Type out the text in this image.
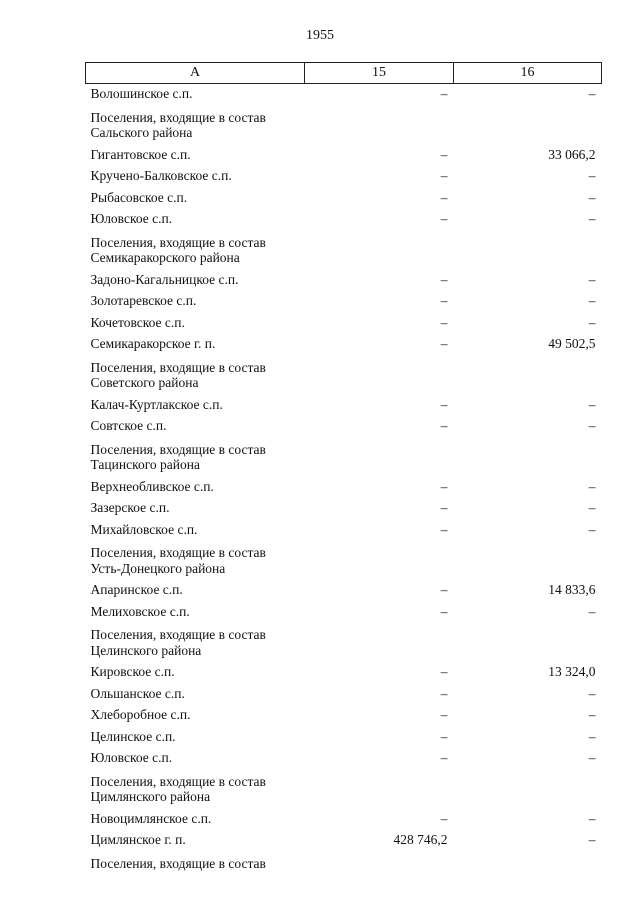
1955
А	15	16
Волошинское с.п.	–	–
Поселения, входящие в состав Сальского района		
Гигантовское с.п.	–	33 066,2
Кручено-Балковское с.п.	–	–
Рыбасовское с.п.	–	–
Юловское с.п.	–	–
Поселения, входящие в состав Семикаракорского района		
Задоно-Кагальницкое с.п.	–	–
Золотаревское с.п.	–	–
Кочетовское с.п.	–	–
Семикаракорское г. п.	–	49 502,5
Поселения, входящие в состав Советского района		
Калач-Куртлакское с.п.	–	–
Совтское с.п.	–	–
Поселения, входящие в состав Тацинского района		
Верхнеобливское с.п.	–	–
Зазерское с.п.	–	–
Михайловское с.п.	–	–
Поселения, входящие в состав Усть-Донецкого района		
Апаринское с.п.	–	14 833,6
Мелиховское с.п.	–	–
Поселения, входящие в состав Целинского района		
Кировское с.п.	–	13 324,0
Ольшанское с.п.	–	–
Хлеборобное с.п.	–	–
Целинское с.п.	–	–
Юловское с.п.	–	–
Поселения, входящие в состав Цимлянского района		
Новоцимлянское с.п.	–	–
Цимлянское г. п.	428 746,2	–
Поселения, входящие в состав		
